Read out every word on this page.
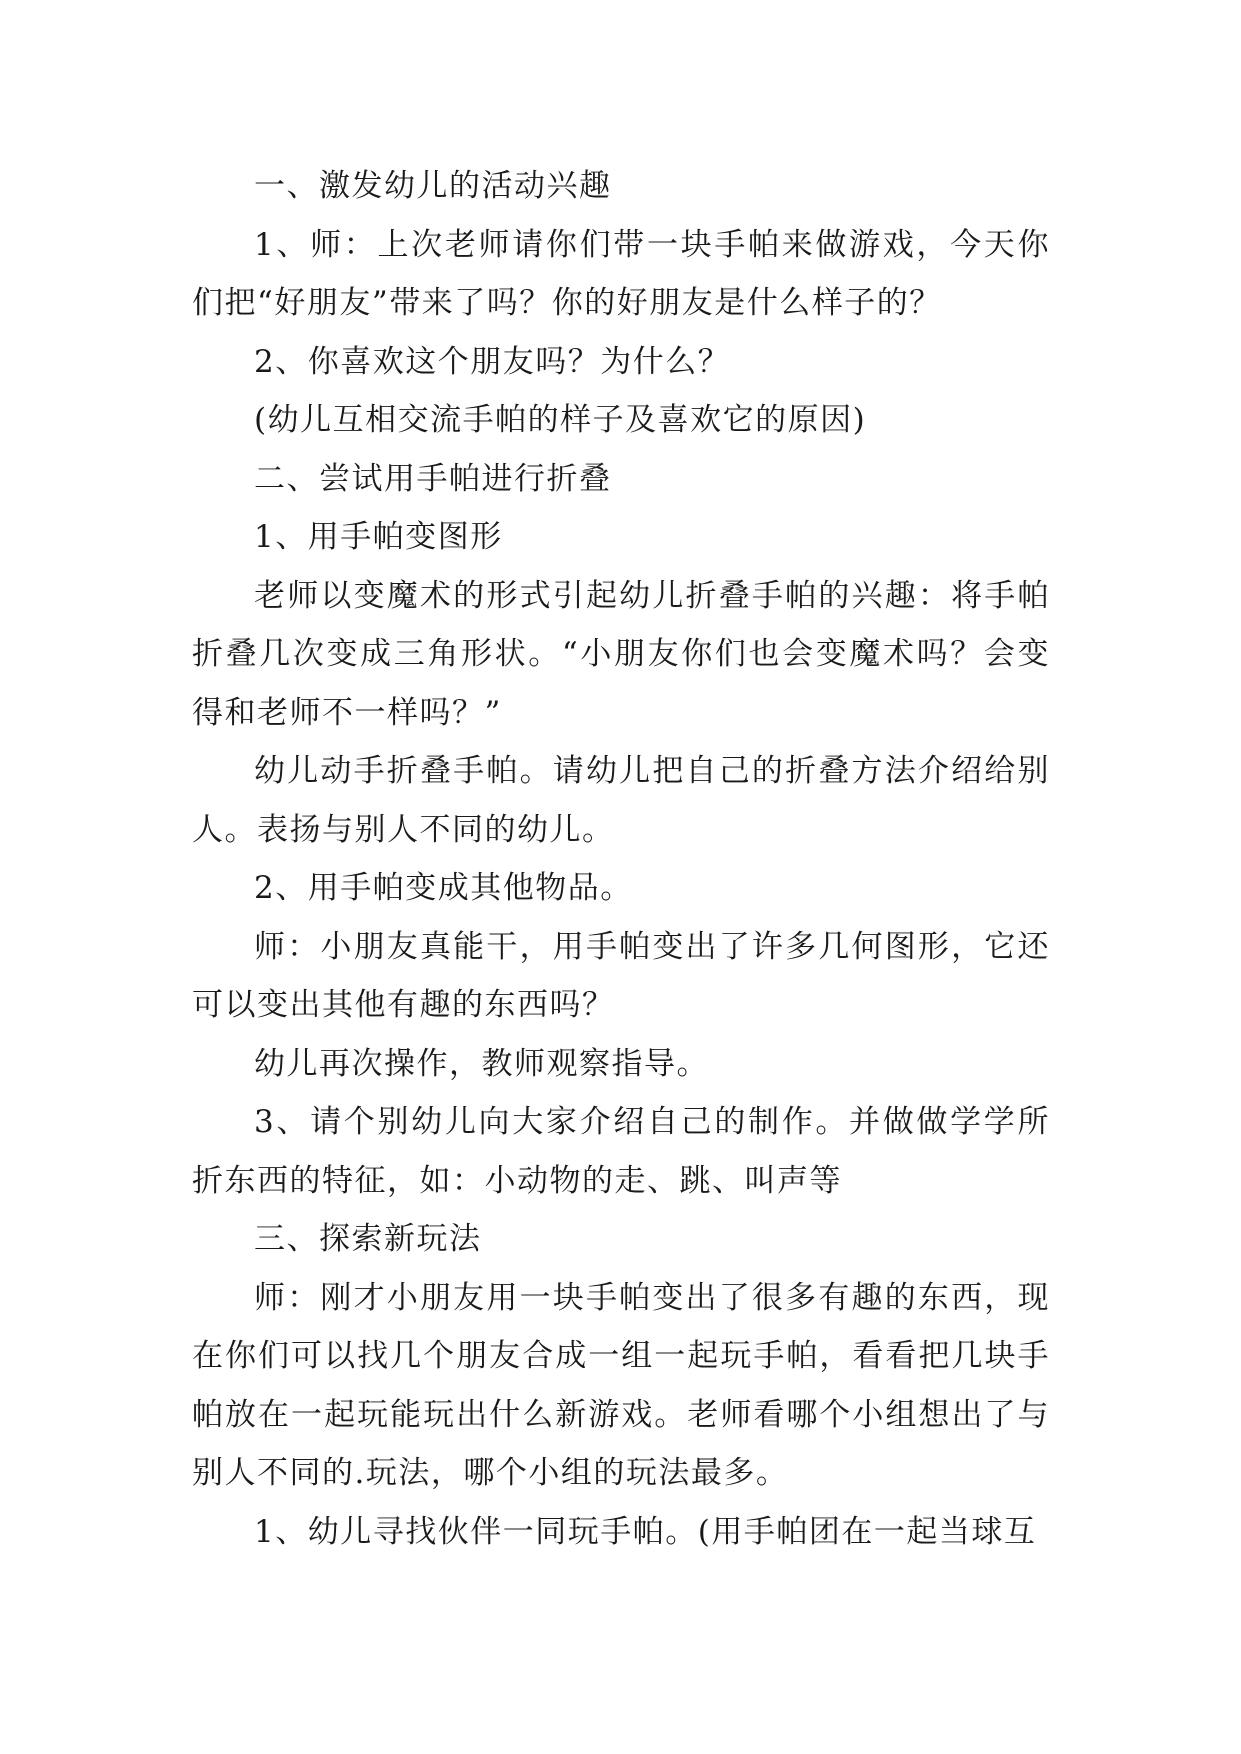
一、激发幼儿的活动兴趣

1、师：上次老师请你们带一块手帕来做游戏，今天你们把“好朋友”带来了吗？你的好朋友是什么样子的？

2、你喜欢这个朋友吗？为什么？

(幼儿互相交流手帕的样子及喜欢它的原因)

二、尝试用手帕进行折叠

1、用手帕变图形

老师以变魔术的形式引起幼儿折叠手帕的兴趣：将手帕折叠几次变成三角形状。“小朋友你们也会变魔术吗？会变得和老师不一样吗？”

幼儿动手折叠手帕。请幼儿把自己的折叠方法介绍给别人。表扬与别人不同的幼儿。

2、用手帕变成其他物品。

师：小朋友真能干，用手帕变出了许多几何图形，它还可以变出其他有趣的东西吗？

幼儿再次操作，教师观察指导。

3、请个别幼儿向大家介绍自己的制作。并做做学学所折东西的特征，如：小动物的走、跳、叫声等

三、探索新玩法

师：刚才小朋友用一块手帕变出了很多有趣的东西，现在你们可以找几个朋友合成一组一起玩手帕，看看把几块手帕放在一起玩能玩出什么新游戏。老师看哪个小组想出了与别人不同的.玩法，哪个小组的玩法最多。

1、幼儿寻找伙伴一同玩手帕。(用手帕团在一起当球互
